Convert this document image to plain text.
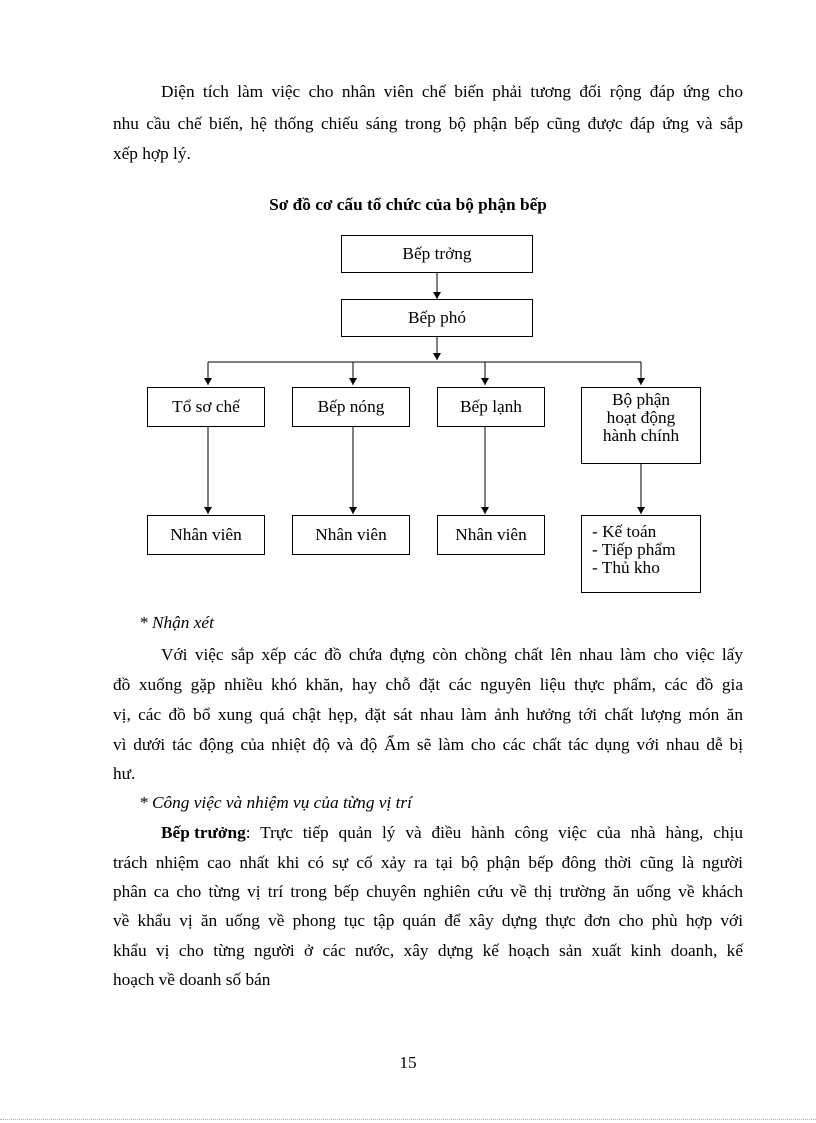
Diện tích làm việc cho nhân viên chế biến phải tương đối rộng đáp ứng cho
nhu cầu chế biến, hệ thống chiếu sáng trong bộ phận bếp cũng được đáp ứng và sắp
xếp hợp lý.
Sơ đồ cơ cấu tổ chức của bộ phận bếp
Bếp trởng
Bếp phó
Tổ sơ chế	Bếp nóng	Bếp lạnh	Bộ phận
hoạt động
hành chính
Nhân viên	Nhân viên	Nhân viên	- Kế toán
- Tiếp phẩm
- Thủ kho
* Nhận xét
Với việc sắp xếp các đồ chứa đựng còn chồng chất lên nhau làm cho việc lấy
đồ xuống gặp nhiều khó khăn, hay chỗ đặt các nguyên liệu thực phẩm, các đồ gia
vị, các đồ bổ xung quá chật hẹp, đặt sát nhau làm ảnh hưởng tới chất lượng món ăn
vì dưới tác động của nhiệt độ và độ Ẩm sẽ làm cho các chất tác dụng với nhau dễ bị
hư.
* Công việc và nhiệm vụ của từng vị trí
Bếp trưởng : Trực tiếp quản lý và điều hành công việc của nhà hàng, chịu
trách nhiệm cao nhất khi có sự cố xảy ra tại bộ phận bếp đông thời cũng là người
phân ca cho từng vị trí trong bếp chuyên nghiên cứu về thị trường ăn uống về khách
về khẩu vị ăn uống về phong tục tập quán để xây dựng thực đơn cho phù hợp với
khẩu vị cho từng người ở các nước, xây dựng kế hoạch sản xuất kinh doanh, kế
hoạch về doanh số bán
15
